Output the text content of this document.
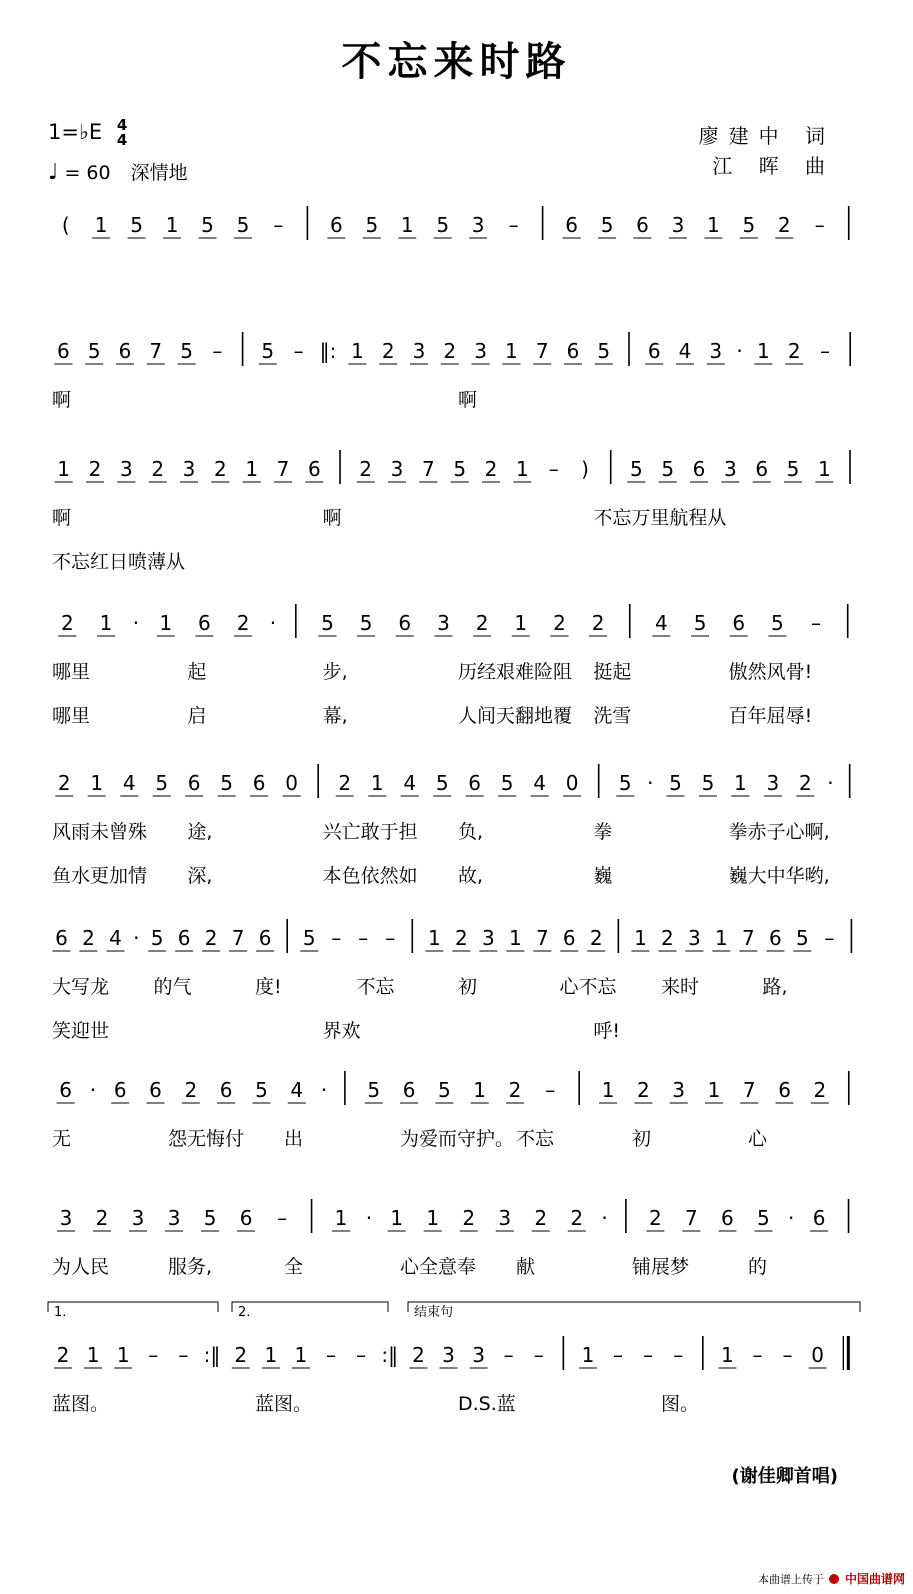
不忘来时路
1=♭E 4
4
♩ = 60 深情地
廖建中 词
江 晖 曲
( 1 5 1 5 5 – 6 5 1 5 3 – 6 5 6 3 1 5 2 –
6 5 6 7 5 – 5 – ‖: 1 2 3 2 3 1 7 6 5 6 4 3 · 1 2 –
啊	啊
1 2 3 2 3 2 1 7 6 2 3 7 5 2 1 – ) 5 5 6 3 6 5 1
啊	啊	不忘万里航程从
不忘红日喷薄从
2 1 · 1 6 2 · 5 5 6 3 2 1 2 2	4 5 6 5 –
哪里	起	步,	历经艰难险阻 挺起	傲然风骨!
哪里	启	幕,	人间天翻地覆 洗雪	百年屈辱!
2 1 4 5 6 5 6 0 2 1 4 5 6 5 4 0 5 · 5 5 1 3 2 ·
风雨未曾殊 途,	兴亡敢于担 负,	拳	拳赤子心啊,
鱼水更加情 深,	本色依然如 故,	巍	巍大中华哟,
6 2 4 · 5 6 2 7 6 5 – – – 1 2 3 1 7 6 2 1 2 3 1 7 6 5 –
大写龙 的气	度!	不忘	初	心不忘 来时	路,
笑迎世	界欢	呼!
6 · 6 6 2 6 5 4 · 5 6 5 1 2 – 1 2 3 1 7 6 2
无	怨无悔付 出	为爱而守护。 不忘	初	心
3 2 3 3 5 6 – 1 · 1 1 2 3 2 2 · 2 7 6 5 · 6
为人民	服务,	全	心全意奉 献	铺展梦	的
2 1 1 – – :‖ 2 1 1 – – :‖ 2 3 3 – – 1 – – – 1 – – 0
蓝图。	蓝图。	D.S.蓝	图。
1.	2.	结束句
(谢佳卿首唱)
本曲谱上传于 中国曲谱网
